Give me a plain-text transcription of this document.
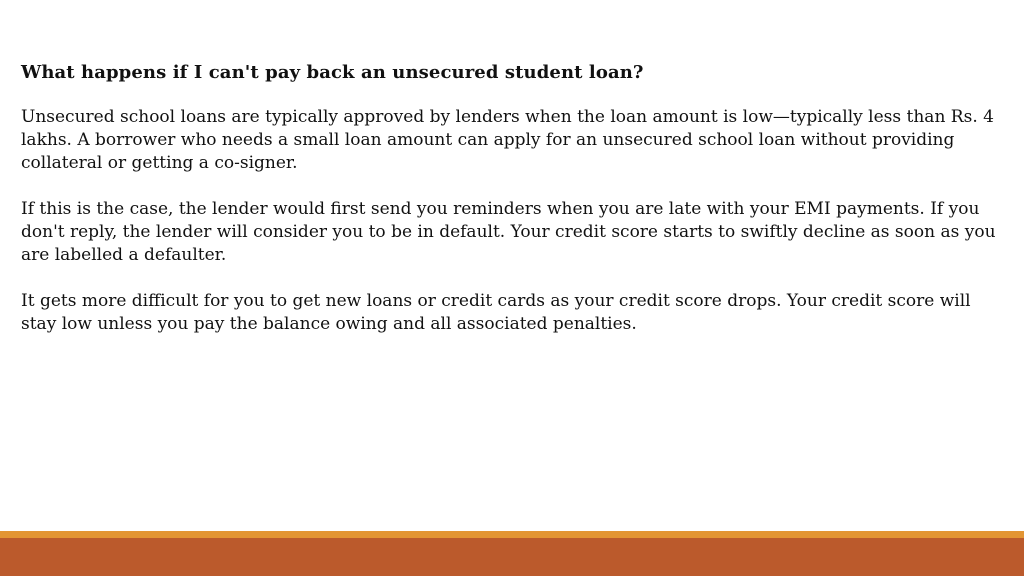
What happens if I can't pay back an unsecured student loan?

Unsecured school loans are typically approved by lenders when the loan amount is low—typically less than Rs. 4 lakhs. A borrower who needs a small loan amount can apply for an unsecured school loan without providing collateral or getting a co-signer.

If this is the case, the lender would first send you reminders when you are late with your EMI payments. If you don't reply, the lender will consider you to be in default. Your credit score starts to swiftly decline as soon as you are labelled a defaulter.

It gets more difficult for you to get new loans or credit cards as your credit score drops. Your credit score will stay low unless you pay the balance owing and all associated penalties.
